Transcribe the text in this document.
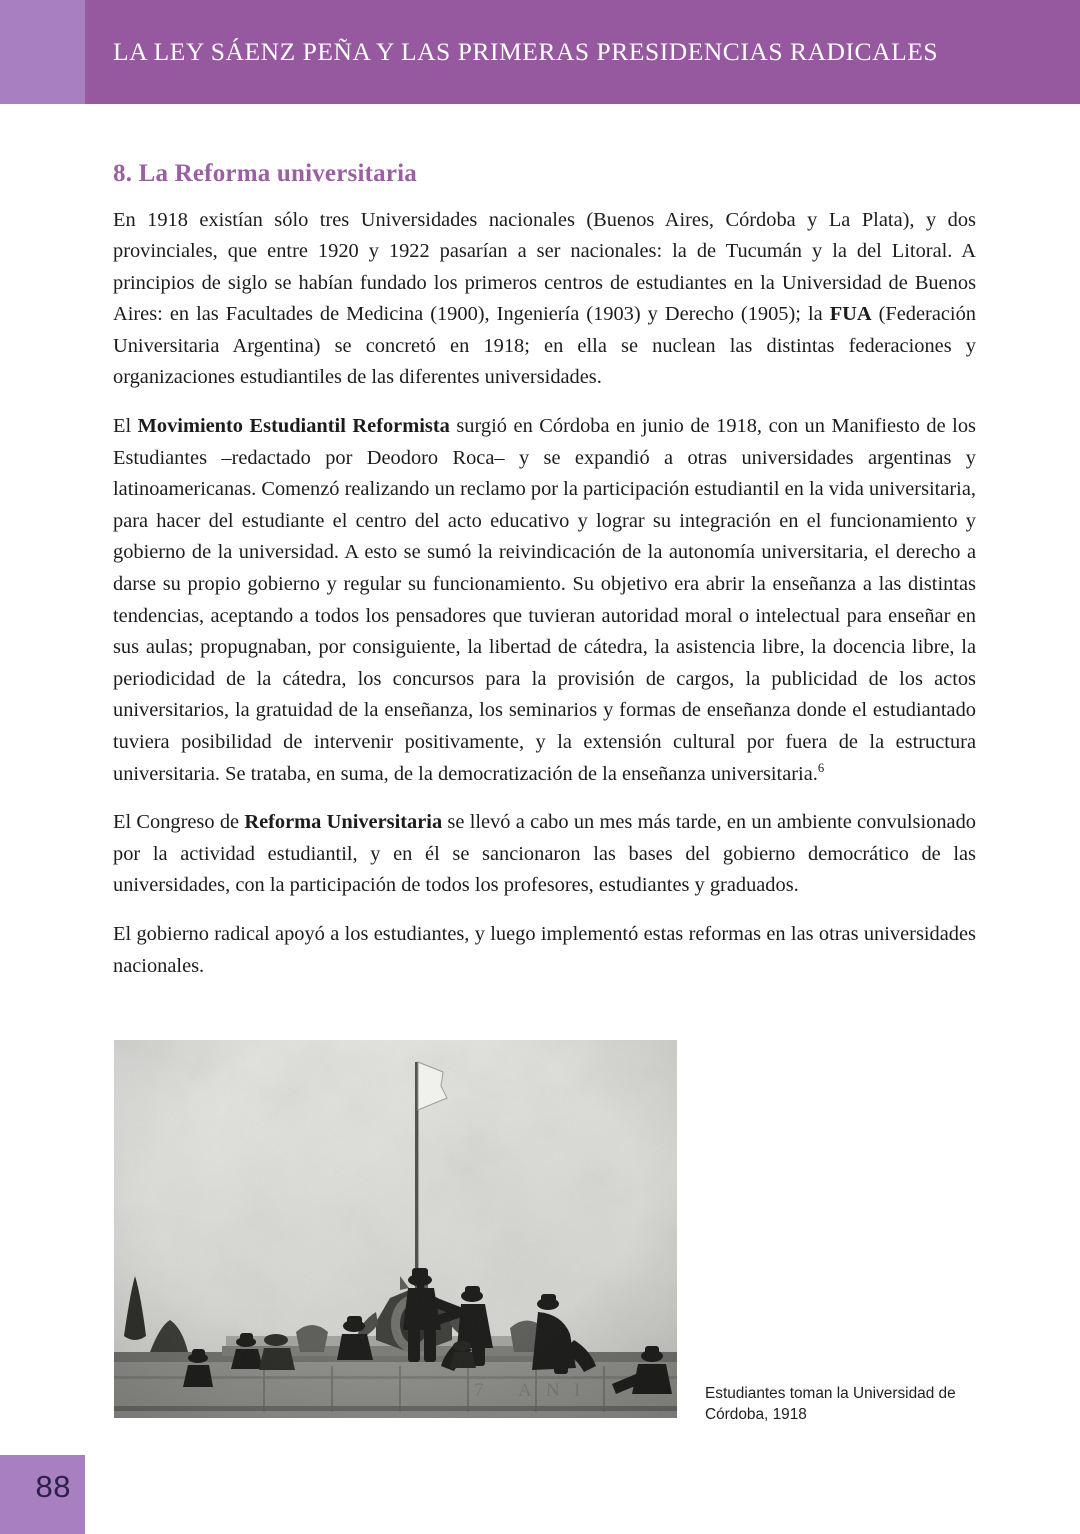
LA LEY SÁENZ PEÑA Y LAS PRIMERAS PRESIDENCIAS RADICALES
8. La Reforma universitaria

En 1918 existían sólo tres Universidades nacionales (Buenos Aires, Córdoba y La Plata), y dos provinciales, que entre 1920 y 1922 pasarían a ser nacionales: la de Tucumán y la del Litoral. A principios de siglo se habían fundado los primeros centros de estudiantes en la Universidad de Buenos Aires: en las Facultades de Medicina (1900), Ingeniería (1903) y Derecho (1905); la FUA (Federación Universitaria Argentina) se concretó en 1918; en ella se nuclean las distintas federaciones y organizaciones estudiantiles de las diferentes universidades.

El Movimiento Estudiantil Reformista surgió en Córdoba en junio de 1918, con un Manifiesto de los Estudiantes –redactado por Deodoro Roca– y se expandió a otras universidades argentinas y latinoamericanas. Comenzó realizando un reclamo por la participación estudiantil en la vida universitaria, para hacer del estudiante el centro del acto educativo y lograr su integración en el funcionamiento y gobierno de la universidad. A esto se sumó la reivindicación de la autonomía universitaria, el derecho a darse su propio gobierno y regular su funcionamiento. Su objetivo era abrir la enseñanza a las distintas tendencias, aceptando a todos los pensadores que tuvieran autoridad moral o intelectual para enseñar en sus aulas; propugnaban, por consiguiente, la libertad de cátedra, la asistencia libre, la docencia libre, la periodicidad de la cátedra, los concursos para la provisión de cargos, la publicidad de los actos universitarios, la gratuidad de la enseñanza, los seminarios y formas de enseñanza donde el estudiantado tuviera posibilidad de intervenir positivamente, y la extensión cultural por fuera de la estructura universitaria. Se trataba, en suma, de la democratización de la enseñanza universitaria.$^6$

El Congreso de Reforma Universitaria se llevó a cabo un mes más tarde, en un ambiente convulsionado por la actividad estudiantil, y en él se sancionaron las bases del gobierno democrático de las universidades, con la participación de todos los profesores, estudiantes y graduados.

El gobierno radical apoyó a los estudiantes, y luego implementó estas reformas en las otras universidades nacionales.

Estudiantes toman la Universidad de Córdoba, 1918
88
